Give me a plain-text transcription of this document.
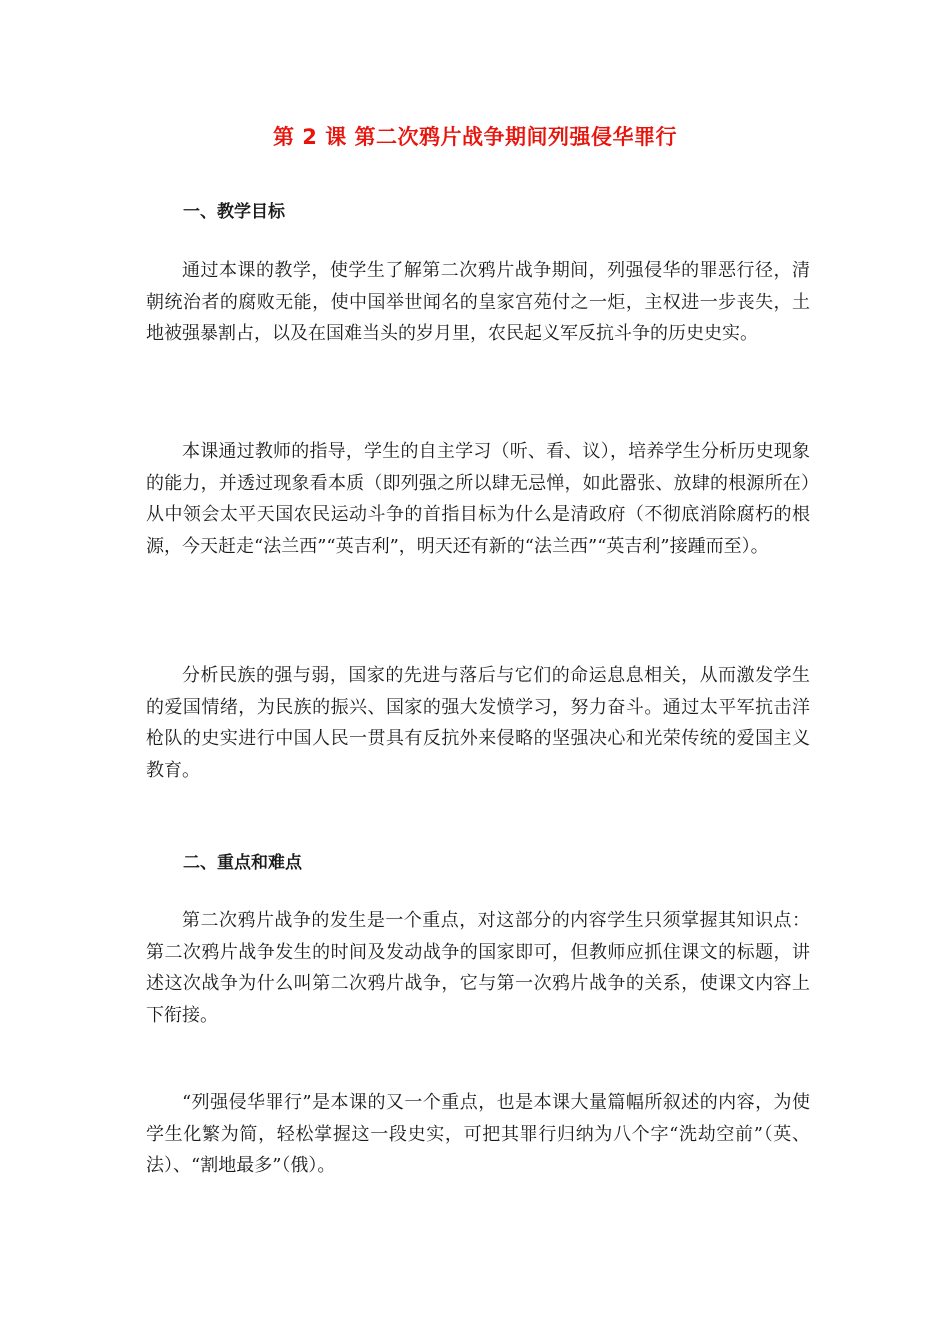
第 2 课 第二次鸦片战争期间列强侵华罪行
一、教学目标

通过本课的教学，使学生了解第二次鸦片战争期间，列强侵华的罪恶行径，清朝统治者的腐败无能，使中国举世闻名的皇家宫苑付之一炬，主权进一步丧失，土地被强暴割占，以及在国难当头的岁月里，农民起义军反抗斗争的历史史实。

本课通过教师的指导，学生的自主学习（听、看、议），培养学生分析历史现象的能力，并透过现象看本质（即列强之所以肆无忌惮，如此嚣张、放肆的根源所在）从中领会太平天国农民运动斗争的首指目标为什么是清政府（不彻底消除腐朽的根源，今天赶走“法兰西”“英吉利”，明天还有新的“法兰西”“英吉利”接踵而至）。

分析民族的强与弱，国家的先进与落后与它们的命运息息相关，从而激发学生的爱国情绪，为民族的振兴、国家的强大发愤学习，努力奋斗。通过太平军抗击洋枪队的史实进行中国人民一贯具有反抗外来侵略的坚强决心和光荣传统的爱国主义教育。

二、重点和难点

第二次鸦片战争的发生是一个重点，对这部分的内容学生只须掌握其知识点：第二次鸦片战争发生的时间及发动战争的国家即可，但教师应抓住课文的标题，讲述这次战争为什么叫第二次鸦片战争，它与第一次鸦片战争的关系，使课文内容上下衔接。

“列强侵华罪行”是本课的又一个重点，也是本课大量篇幅所叙述的内容，为使学生化繁为简，轻松掌握这一段史实，可把其罪行归纳为八个字“洗劫空前”（英、法）、“割地最多”（俄）。
